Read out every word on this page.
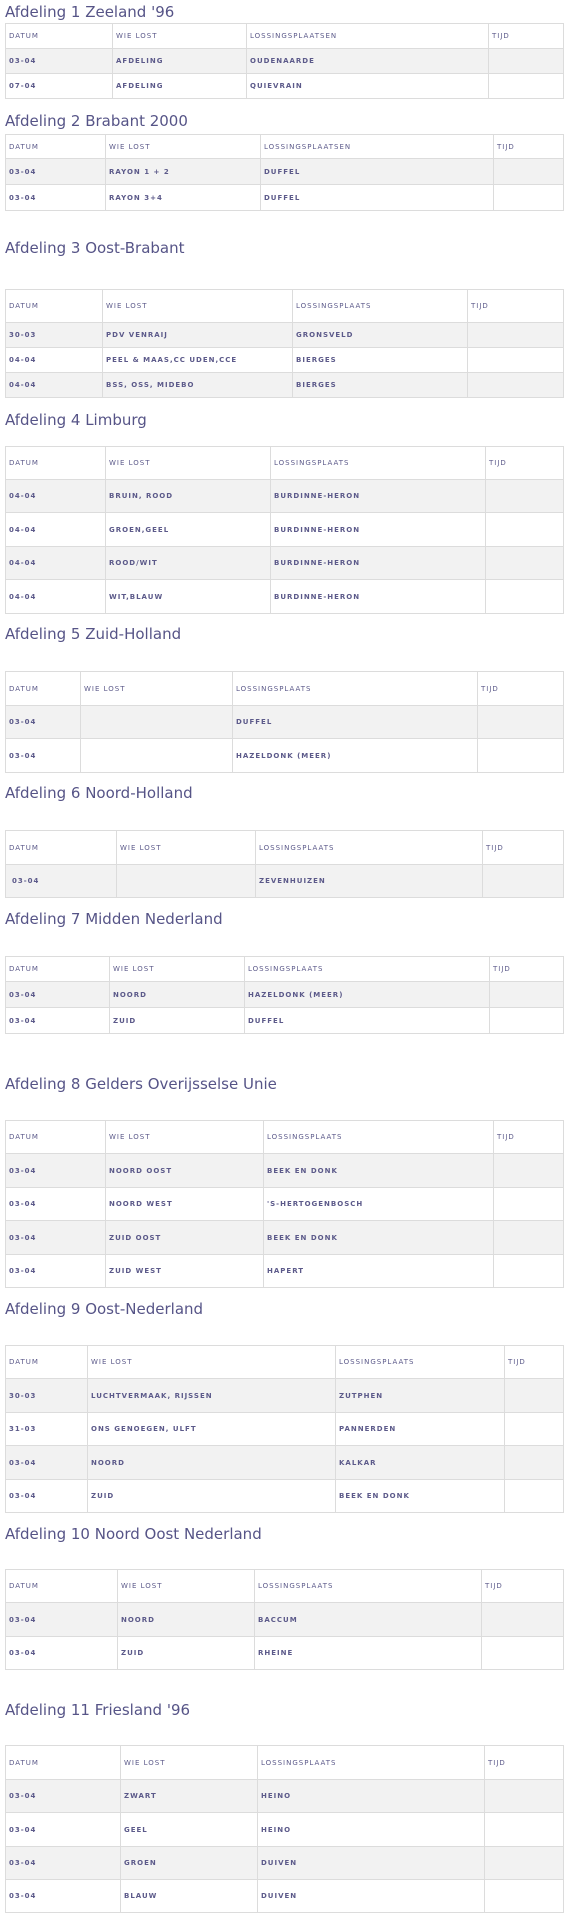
Afdeling 1 Zeeland '96
DATUM	WIE LOST	LOSSINGSPLAATSEN	TIJD
03-04	AFDELING	OUDENAARDE	
07-04	AFDELING	QUIEVRAIN	
Afdeling 2 Brabant 2000
DATUM	WIE LOST	LOSSINGSPLAATSEN	TIJD
03-04	RAYON 1 + 2	DUFFEL	
03-04	RAYON 3+4	DUFFEL	
Afdeling 3 Oost-Brabant
DATUM	WIE LOST	LOSSINGSPLAATS	TIJD
30-03	PDV VENRAIJ	GRONSVELD	
04-04	PEEL & MAAS,CC UDEN,CCE	BIERGES	
04-04	BSS, OSS, MIDEBO	BIERGES	
Afdeling 4 Limburg
DATUM	WIE LOST	LOSSINGSPLAATS	TIJD
04-04	BRUIN, ROOD	BURDINNE-HERON	
04-04	GROEN,GEEL	BURDINNE-HERON	
04-04	ROOD/WIT	BURDINNE-HERON	
04-04	WIT,BLAUW	BURDINNE-HERON	
Afdeling 5 Zuid-Holland
DATUM	WIE LOST	LOSSINGSPLAATS	TIJD
03-04		DUFFEL	
03-04		HAZELDONK (MEER)	
Afdeling 6 Noord-Holland
DATUM	WIE LOST	LOSSINGSPLAATS	TIJD
03-04		ZEVENHUIZEN	
Afdeling 7 Midden Nederland
DATUM	WIE LOST	LOSSINGSPLAATS	TIJD
03-04	NOORD	HAZELDONK (MEER)	
03-04	ZUID	DUFFEL	
Afdeling 8 Gelders Overijsselse Unie
DATUM	WIE LOST	LOSSINGSPLAATS	TIJD
03-04	NOORD OOST	BEEK EN DONK	
03-04	NOORD WEST	'S-HERTOGENBOSCH	
03-04	ZUID OOST	BEEK EN DONK	
03-04	ZUID WEST	HAPERT	
Afdeling 9 Oost-Nederland
DATUM	WIE LOST	LOSSINGSPLAATS	TIJD
30-03	LUCHTVERMAAK, RIJSSEN	ZUTPHEN	
31-03	ONS GENOEGEN, ULFT	PANNERDEN	
03-04	NOORD	KALKAR	
03-04	ZUID	BEEK EN DONK	
Afdeling 10 Noord Oost Nederland
DATUM	WIE LOST	LOSSINGSPLAATS	TIJD
03-04	NOORD	BACCUM	
03-04	ZUID	RHEINE	
Afdeling 11 Friesland '96
DATUM	WIE LOST	LOSSINGSPLAATS	TIJD
03-04	ZWART	HEINO	
03-04	GEEL	HEINO	
03-04	GROEN	DUIVEN	
03-04	BLAUW	DUIVEN	
